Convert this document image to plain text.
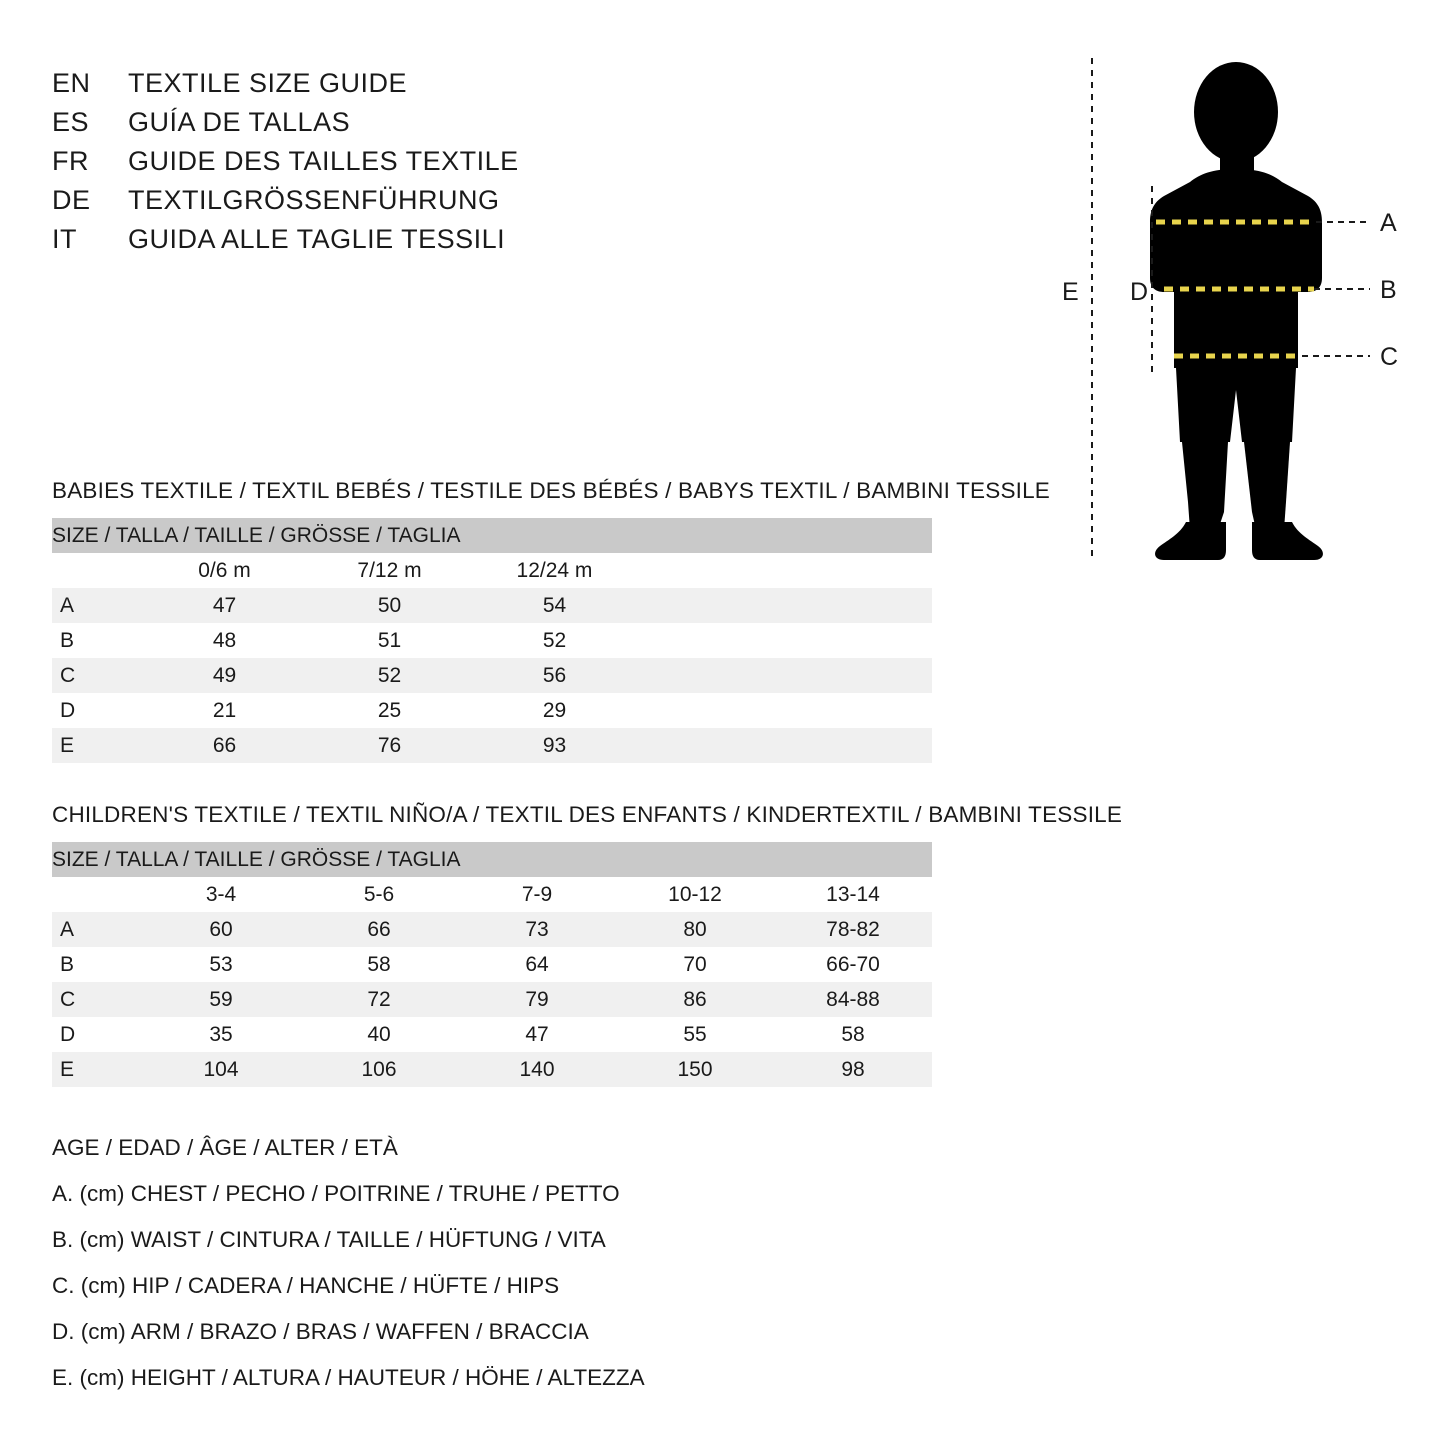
EN	TEXTILE SIZE GUIDE
ES	GUÍA DE TALLAS
FR	GUIDE DES TAILLES TEXTILE
DE	TEXTILGRÖSSENFÜHRUNG
IT	GUIDA ALLE TAGLIE TESSILI
A
B
C
D
E
BABIES TEXTILE / TEXTIL BEBÉS / TESTILE DES BÉBÉS / BABYS TEXTIL / BAMBINI TESSILE
SIZE / TALLA / TAILLE / GRÖSSE / TAGLIA				
	0/6 m	7/12 m	12/24 m	
A	47	50	54	
B	48	51	52	
C	49	52	56	
D	21	25	29	
E	66	76	93	
CHILDREN'S TEXTILE / TEXTIL NIÑO/A / TEXTIL DES ENFANTS / KINDERTEXTIL / BAMBINI TESSILE
SIZE / TALLA / TAILLE / GRÖSSE / TAGLIA					
	3-4	5-6	7-9	10-12	13-14
A	60	66	73	80	78-82
B	53	58	64	70	66-70
C	59	72	79	86	84-88
D	35	40	47	55	58
E	104	106	140	150	98
AGE / EDAD / ÂGE / ALTER / ETÀ
A. (cm) CHEST / PECHO / POITRINE / TRUHE / PETTO
B. (cm) WAIST / CINTURA / TAILLE / HÜFTUNG / VITA
C. (cm) HIP / CADERA / HANCHE / HÜFTE / HIPS
D. (cm) ARM / BRAZO / BRAS / WAFFEN / BRACCIA
E. (cm) HEIGHT / ALTURA / HAUTEUR / HÖHE / ALTEZZA
